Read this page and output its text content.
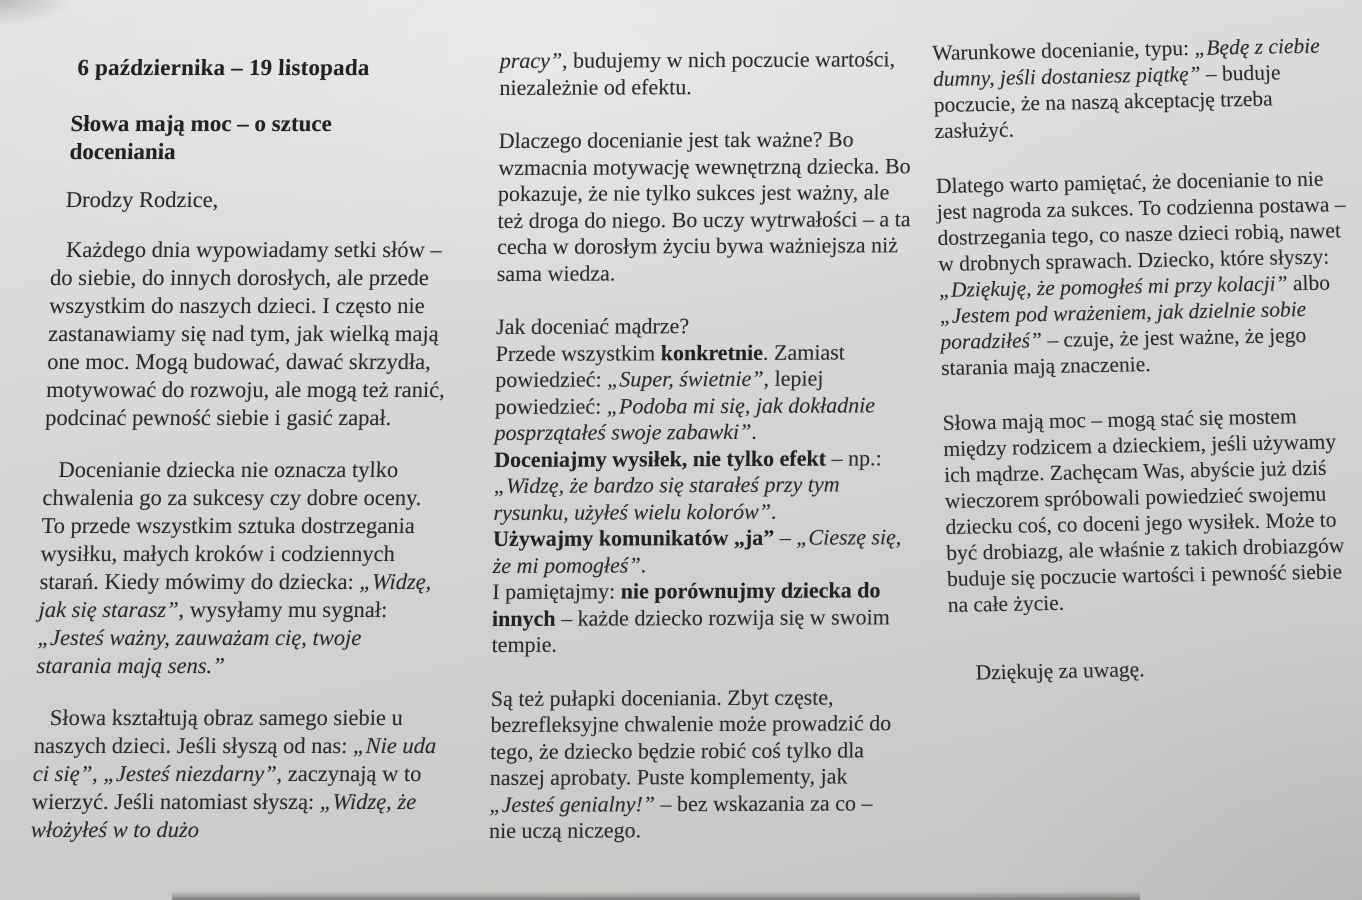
6 października – 19 listopada

Słowa mają moc – o sztuce doceniania

Drodzy Rodzice,

Każdego dnia wypowiadamy setki słów – do siebie, do innych dorosłych, ale przede wszystkim do naszych dzieci. I często nie zastanawiamy się nad tym, jak wielką mają one moc. Mogą budować, dawać skrzydła, motywować do rozwoju, ale mogą też ranić, podcinać pewność siebie i gasić zapał.

Docenianie dziecka nie oznacza tylko chwalenia go za sukcesy czy dobre oceny. To przede wszystkim sztuka dostrzegania wysiłku, małych kroków i codziennych starań. Kiedy mówimy do dziecka: „Widzę, jak się starasz”, wysyłamy mu sygnał: „Jesteś ważny, zauważam cię, twoje starania mają sens.”

Słowa kształtują obraz samego siebie u naszych dzieci. Jeśli słyszą od nas: „Nie uda ci się”, „Jesteś niezdarny”, zaczynają w to wierzyć. Jeśli natomiast słyszą: „Widzę, że włożyłeś w to dużo

pracy”, budujemy w nich poczucie wartości, niezależnie od efektu.

Dlaczego docenianie jest tak ważne? Bo wzmacnia motywację wewnętrzną dziecka. Bo pokazuje, że nie tylko sukces jest ważny, ale też droga do niego. Bo uczy wytrwałości – a ta cecha w dorosłym życiu bywa ważniejsza niż sama wiedza.

Jak doceniać mądrze?
Przede wszystkim konkretnie. Zamiast powiedzieć: „Super, świetnie”, lepiej powiedzieć: „Podoba mi się, jak dokładnie posprzątałeś swoje zabawki”.
Doceniajmy wysiłek, nie tylko efekt – np.: „Widzę, że bardzo się starałeś przy tym rysunku, użyłeś wielu kolorów”.
Używajmy komunikatów „ja” – „Cieszę się, że mi pomogłeś”.
I pamiętajmy: nie porównujmy dziecka do innych – każde dziecko rozwija się w swoim tempie.

Są też pułapki doceniania. Zbyt częste, bezrefleksyjne chwalenie może prowadzić do tego, że dziecko będzie robić coś tylko dla naszej aprobaty. Puste komplementy, jak „Jesteś genialny!” – bez wskazania za co – nie uczą niczego.

Warunkowe docenianie, typu: „Będę z ciebie dumny, jeśli dostaniesz piątkę” – buduje poczucie, że na naszą akceptację trzeba zasłużyć.

Dlatego warto pamiętać, że docenianie to nie jest nagroda za sukces. To codzienna postawa – dostrzegania tego, co nasze dzieci robią, nawet w drobnych sprawach. Dziecko, które słyszy: „Dziękuję, że pomogłeś mi przy kolacji” albo „Jestem pod wrażeniem, jak dzielnie sobie poradziłeś” – czuje, że jest ważne, że jego starania mają znaczenie.

Słowa mają moc – mogą stać się mostem między rodzicem a dzieckiem, jeśli używamy ich mądrze. Zachęcam Was, abyście już dziś wieczorem spróbowali powiedzieć swojemu dziecku coś, co doceni jego wysiłek. Może to być drobiazg, ale właśnie z takich drobiazgów buduje się poczucie wartości i pewność siebie na całe życie.

Dziękuję za uwagę.
